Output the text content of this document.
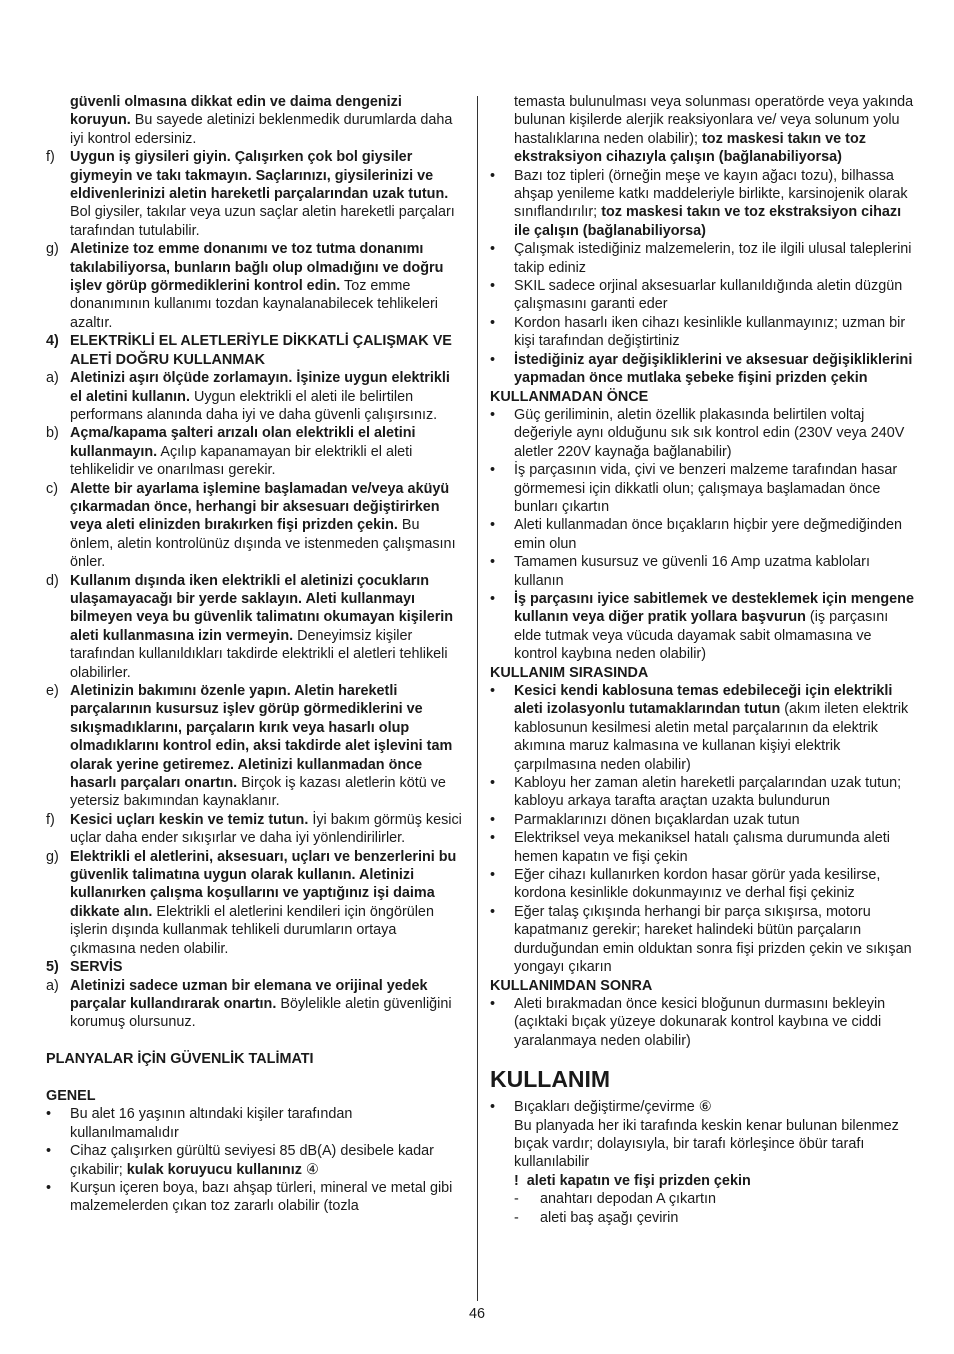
güvenli olmasına dikkat edin ve daima dengenizi koruyun. Bu sayede aletinizi beklenmedik durumlarda daha iyi kontrol edersiniz.
f) Uygun iş giysileri giyin. Çalışırken çok bol giysiler giymeyin ve takı takmayın. Saçlarınızı, giysilerinizi ve eldivenlerinizi aletin hareketli parçalarından uzak tutun. Bol giysiler, takılar veya uzun saçlar aletin hareketli parçaları tarafından tutulabilir.
g) Aletinize toz emme donanımı ve toz tutma donanımı takılabiliyorsa, bunların bağlı olup olmadığını ve doğru işlev görüp görmediklerini kontrol edin. Toz emme donanımının kullanımı tozdan kaynalanabilecek tehlikeleri azaltır.
4) ELEKTRİKLİ EL ALETLERİYLE DİKKATLİ ÇALIŞMAK VE ALETİ DOĞRU KULLANMAK
a) Aletinizi aşırı ölçüde zorlamayın. İşinize uygun elektrikli el aletini kullanın. Uygun elektrikli el aleti ile belirtilen performans alanında daha iyi ve daha güvenli çalışırsınız.
b) Açma/kapama şalteri arızalı olan elektrikli el aletini kullanmayın. Açılıp kapanamayan bir elektrikli el aleti tehlikelidir ve onarılması gerekir.
c) Alette bir ayarlama işlemine başlamadan ve/veya aküyü çıkarmadan önce, herhangi bir aksesuarı değiştirirken veya aleti elinizden bırakırken fişi prizden çekin. Bu önlem, aletin kontrolünüz dışında ve istenmeden çalışmasını önler.
d) Kullanım dışında iken elektrikli el aletinizi çocukların ulaşamayacağı bir yerde saklayın. Aleti kullanmayı bilmeyen veya bu güvenlik talimatını okumayan kişilerin aleti kullanmasına izin vermeyin. Deneyimsiz kişiler tarafından kullanıldıkları takdirde elektrikli el aletleri tehlikeli olabilirler.
e) Aletinizin bakımını özenle yapın. Aletin hareketli parçalarının kusursuz işlev görüp görmediklerini ve sıkışmadıklarını, parçaların kırık veya hasarlı olup olmadıklarını kontrol edin, aksi takdirde alet işlevini tam olarak yerine getiremez. Aletinizi kullanmadan önce hasarlı parçaları onartın. Birçok iş kazası aletlerin kötü ve yetersiz bakımından kaynaklanır.
f) Kesici uçları keskin ve temiz tutun. İyi bakım görmüş kesici uçlar daha ender sıkışırlar ve daha iyi yönlendirilirler.
g) Elektrikli el aletlerini, aksesuarı, uçları ve benzerlerini bu güvenlik talimatına uygun olarak kullanın. Aletinizi kullanırken çalışma koşullarını ve yaptığınız işi daima dikkate alın. Elektrikli el aletlerini kendileri için öngörülen işlerin dışında kullanmak tehlikeli durumların ortaya çıkmasına neden olabilir.
5) SERVİS
a) Aletinizi sadece uzman bir elemana ve orijinal yedek parçalar kullandırarak onartın. Böylelikle aletin güvenliğini korumuş olursunuz.
PLANYALAR İÇİN GÜVENLİK TALİMATI
GENEL
• Bu alet 16 yaşının altındaki kişiler tarafından kullanılmamalıdır
• Cihaz çalışırken gürültü seviyesi 85 dB(A) desibele kadar çıkabilir; kulak koruyucu kullanınız ④
• Kurşun içeren boya, bazı ahşap türleri, mineral ve metal gibi malzemelerden çıkan toz zararlı olabilir (tozla
temasta bulunulması veya solunması operatörde veya yakında bulunan kişilerde alerjik reaksiyonlara ve/ veya solunum yolu hastalıklarına neden olabilir); toz maskesi takın ve toz ekstraksiyon cihazıyla çalışın (bağlanabiliyorsa)
• Bazı toz tipleri (örneğin meşe ve kayın ağacı tozu), bilhassa ahşap yenileme katkı maddeleriyle birlikte, karsinojenik olarak sınıflandırılır; toz maskesi takın ve toz ekstraksiyon cihazı ile çalışın (bağlanabiliyorsa)
• Çalışmak istediğiniz malzemelerin, toz ile ilgili ulusal taleplerini takip ediniz
• SKIL sadece orjinal aksesuarlar kullanıldığında aletin düzgün çalışmasını garanti eder
• Kordon hasarlı iken cihazı kesinlikle kullanmayınız; uzman bir kişi tarafından değiştirtiniz
• İstediğiniz ayar değişikliklerini ve aksesuar değişikliklerini yapmadan önce mutlaka şebeke fişini prizden çekin
KULLANMADAN ÖNCE
• Güç geriliminin, aletin özellik plakasında belirtilen voltaj değeriyle aynı olduğunu sık sık kontrol edin (230V veya 240V aletler 220V kaynağa bağlanabilir)
• İş parçasının vida, çivi ve benzeri malzeme tarafından hasar görmemesi için dikkatli olun; çalışmaya başlamadan önce bunları çıkartın
• Aleti kullanmadan önce bıçakların hiçbir yere değmediğinden emin olun
• Tamamen kusursuz ve güvenli 16 Amp uzatma kabloları kullanın
• İş parçasını iyice sabitlemek ve desteklemek için mengene kullanın veya diğer pratik yollara başvurun (iş parçasını elde tutmak veya vücuda dayamak sabit olmamasına ve kontrol kaybına neden olabilir)
KULLANIM SIRASINDA
• Kesici kendi kablosuna temas edebileceği için elektrikli aleti izolasyonlu tutamaklarından tutun (akım ileten elektrik kablosunun kesilmesi aletin metal parçalarının da elektrik akımına maruz kalmasına ve kullanan kişiyi elektrik çarpılmasına neden olabilir)
• Kabloyu her zaman aletin hareketli parçalarından uzak tutun; kabloyu arkaya tarafta araçtan uzakta bulundurun
• Parmaklarınızı dönen bıçaklardan uzak tutun
• Elektriksel veya mekaniksel hatalı çalısma durumunda aleti hemen kapatın ve fişi çekin
• Eğer cihazı kullanırken kordon hasar görür yada kesilirse, kordona kesinlikle dokunmayınız ve derhal fişi çekiniz
• Eğer talaş çıkışında herhangi bir parça sıkışırsa, motoru kapatmanız gerekir; hareket halindeki bütün parçaların durduğundan emin olduktan sonra fişi prizden çekin ve sıkışan yongayı çıkarın
KULLANIMDAN SONRA
• Aleti bırakmadan önce kesici bloğunun durmasını bekleyin (açıktaki bıçak yüzeye dokunarak kontrol kaybına ve ciddi yaralanmaya neden olabilir)
KULLANIM
• Bıçakları değiştirme/çevirme ⑥
Bu planyada her iki tarafında keskin kenar bulunan bilenmez bıçak vardır; dolayısıyla, bir tarafı körleşince öbür tarafı kullanılabilir
! aleti kapatın ve fişi prizden çekin
- anahtarı depodan A çıkartın
- aleti baş aşağı çevirin
46
